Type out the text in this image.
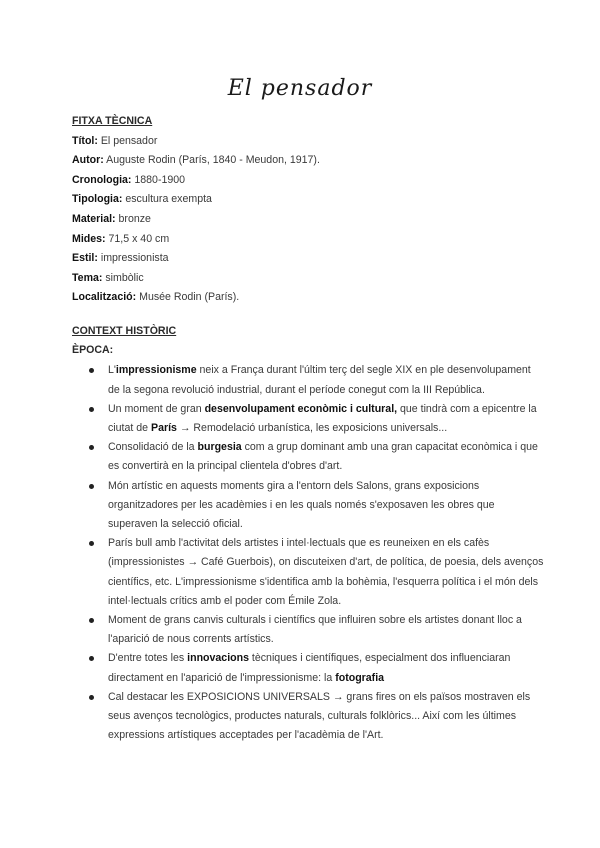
El pensador
FITXA TÈCNICA
Títol: El pensador
Autor: Auguste Rodin (París, 1840 - Meudon, 1917).
Cronologia: 1880-1900
Tipologia: escultura exempta
Material: bronze
Mides: 71,5 x 40 cm
Estil: impressionista
Tema: simbòlic
Localització: Musée Rodin (París).
CONTEXT HISTÒRIC
ÈPOCA:
L'impressionisme neix a França durant l'últim terç del segle XIX en ple desenvolupament de la segona revolució industrial, durant el període conegut com la III República.
Un moment de gran desenvolupament econòmic i cultural, que tindrà com a epicentre la ciutat de París → Remodelació urbanística, les exposicions universals...
Consolidació de la burgesia com a grup dominant amb una gran capacitat econòmica i que es convertirà en la principal clientela d'obres d'art.
Món artístic en aquests moments gira a l'entorn dels Salons, grans exposicions organitzadores per les acadèmies i en les quals només s'exposaven les obres que superaven la selecció oficial.
París bull amb l'activitat dels artistes i intel·lectuals que es reuneixen en els cafès (impressionistes → Café Guerbois), on discuteixen d'art, de política, de poesia, dels avenços científics, etc. L'impressionisme s'identifica amb la bohèmia, l'esquerra política i el món dels intel·lectuals crítics amb el poder com Émile Zola.
Moment de grans canvis culturals i científics que influiren sobre els artistes donant lloc a l'aparició de nous corrents artístics.
D'entre totes les innovacions tècniques i científiques, especialment dos influenciaran directament en l'aparició de l'impressionisme: la fotografia
Cal destacar les EXPOSICIONS UNIVERSALS → grans fires on els països mostraven els seus avenços tecnològics, productes naturals, culturals folklòrics... Així com les últimes expressions artístiques acceptades per l'acadèmia de l'Art.
